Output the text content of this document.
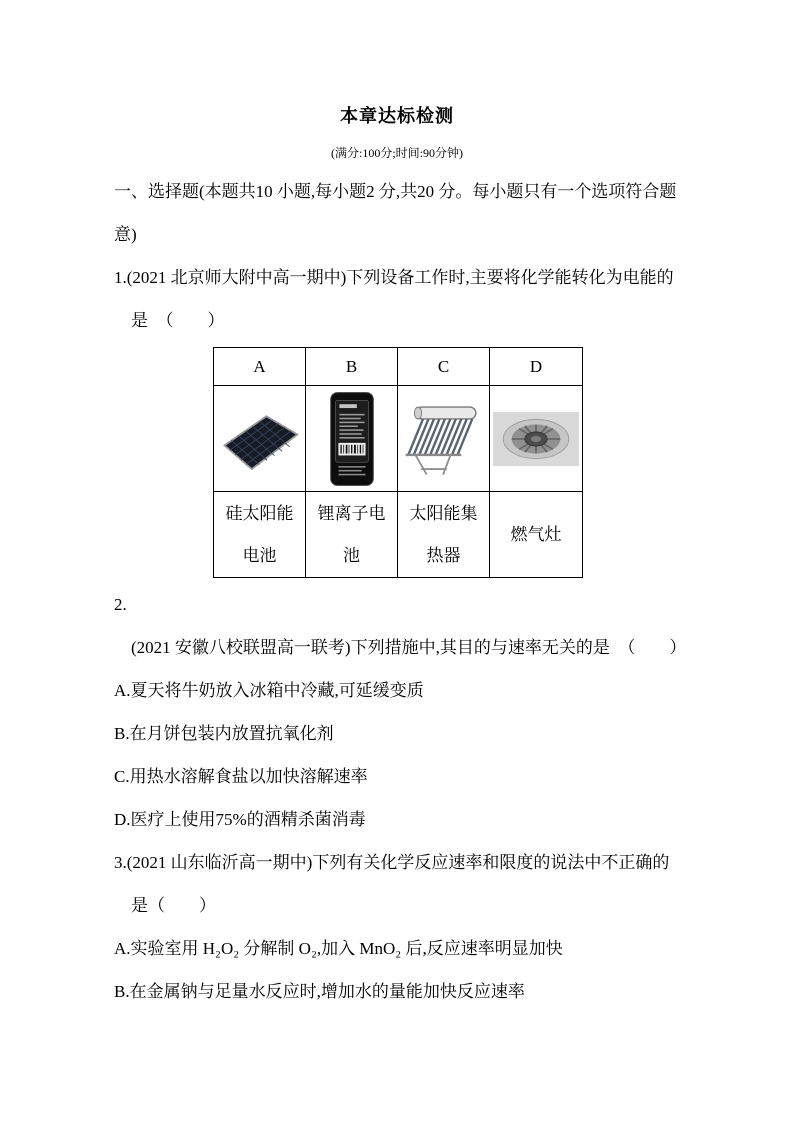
本章达标检测
(满分:100分;时间:90分钟)

一、选择题(本题共10 小题,每小题2 分,共20 分。每小题只有一个选项符合题意)

1.(2021 北京师大附中高一期中)下列设备工作时,主要将化学能转化为电能的是　（　　）

A	B	C	D

硅太阳能电池	锂离子电池	太阳能集热器	燃气灶

2.(2021 安徽八校联盟高一联考)下列措施中,其目的与速率无关的是　（　　）

A.夏天将牛奶放入冰箱中冷藏,可延缓变质

B.在月饼包装内放置抗氧化剂

C.用热水溶解食盐以加快溶解速率

D.医疗上使用75%的酒精杀菌消毒

3.(2021 山东临沂高一期中)下列有关化学反应速率和限度的说法中不正确的是（　　）

A.实验室用 H₂O₂ 分解制 O₂,加入 MnO₂ 后,反应速率明显加快

B.在金属钠与足量水反应时,增加水的量能加快反应速率
